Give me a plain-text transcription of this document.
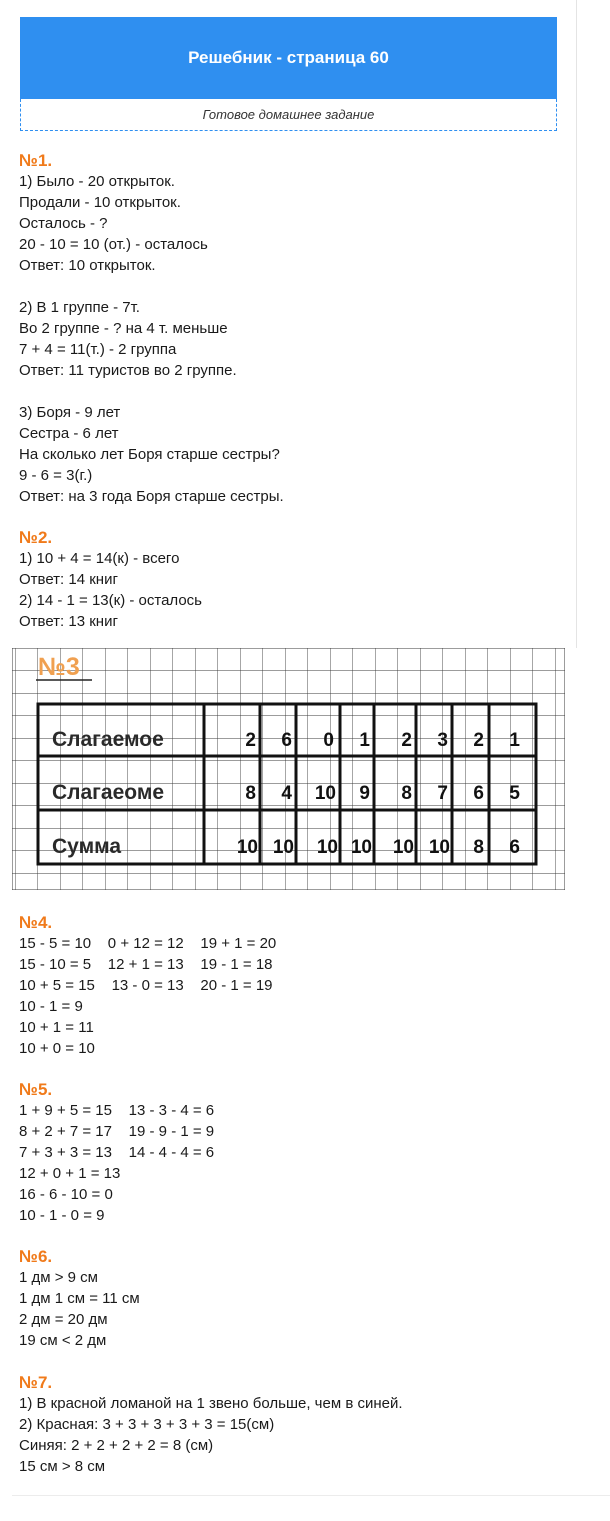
Решебник - страница 60
Готовое домашнее задание
№1.
1) Было - 20 открыток.
Продали - 10 открыток.
Осталось - ?
20 - 10 = 10 (от.) - осталось
Ответ: 10 открыток.
2) В 1 группе - 7т.
Во 2 группе - ? на 4 т. меньше
7 + 4 = 11(т.) - 2 группа
Ответ: 11 туристов во 2 группе.
3) Боря - 9 лет
Сестра - 6 лет
На сколько лет Боря старше сестры?
9 - 6 = 3(г.)
Ответ: на 3 года Боря старше сестры.
№2.
1) 10 + 4 = 14(к) - всего
Ответ: 14 книг
2) 14 - 1 = 13(к) - осталось
Ответ: 13 книг
№3
Слагаемое
Слагаеоме
Сумма
2 6 0 1 2 3 2 1
8 4 10 9 8 7 6 5
10 10 10 10 10 10 8 6
№4.
15 - 5 = 10    0 + 12 = 12    19 + 1 = 20
15 - 10 = 5    12 + 1 = 13    19 - 1 = 18
10 + 5 = 15    13 - 0 = 13    20 - 1 = 19
10 - 1 = 9
10 + 1 = 11
10 + 0 = 10
№5.
1 + 9 + 5 = 15    13 - 3 - 4 = 6
8 + 2 + 7 = 17    19 - 9 - 1 = 9
7 + 3 + 3 = 13    14 - 4 - 4 = 6
12 + 0 + 1 = 13
16 - 6 - 10 = 0
10 - 1 - 0 = 9
№6.
1 дм > 9 см
1 дм 1 см = 11 см
2 дм = 20 дм
19 см < 2 дм
№7.
1) В красной ломаной на 1 звено больше, чем в синей.
2) Красная: 3 + 3 + 3 + 3 + 3 = 15(см)
Синяя: 2 + 2 + 2 + 2 = 8 (см)
15 см > 8 см
